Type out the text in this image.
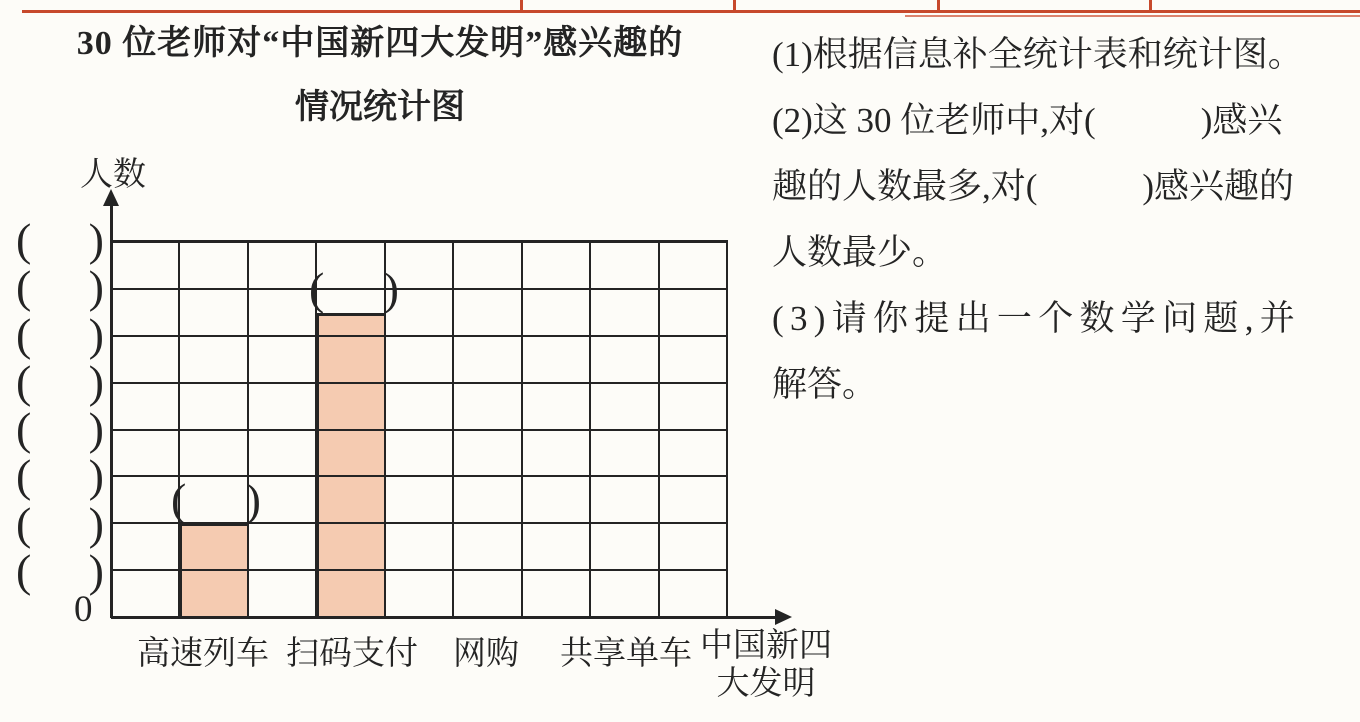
30 位老师对“中国新四大发明”感兴趣的
情况统计图
人数
0
( )
( )
高速列车 扫码支付 网购 共享单车 中国新四
大发明
(1)根据信息补全统计表和统计图。
(2)这 30 位老师中,对(　　　)感兴
趣的人数最多,对(　　　)感兴趣的
人数最少。
(3)请你提出一个数学问题,并
解答。
( )
( )
( )
( )
( )
( )
( )
( )
